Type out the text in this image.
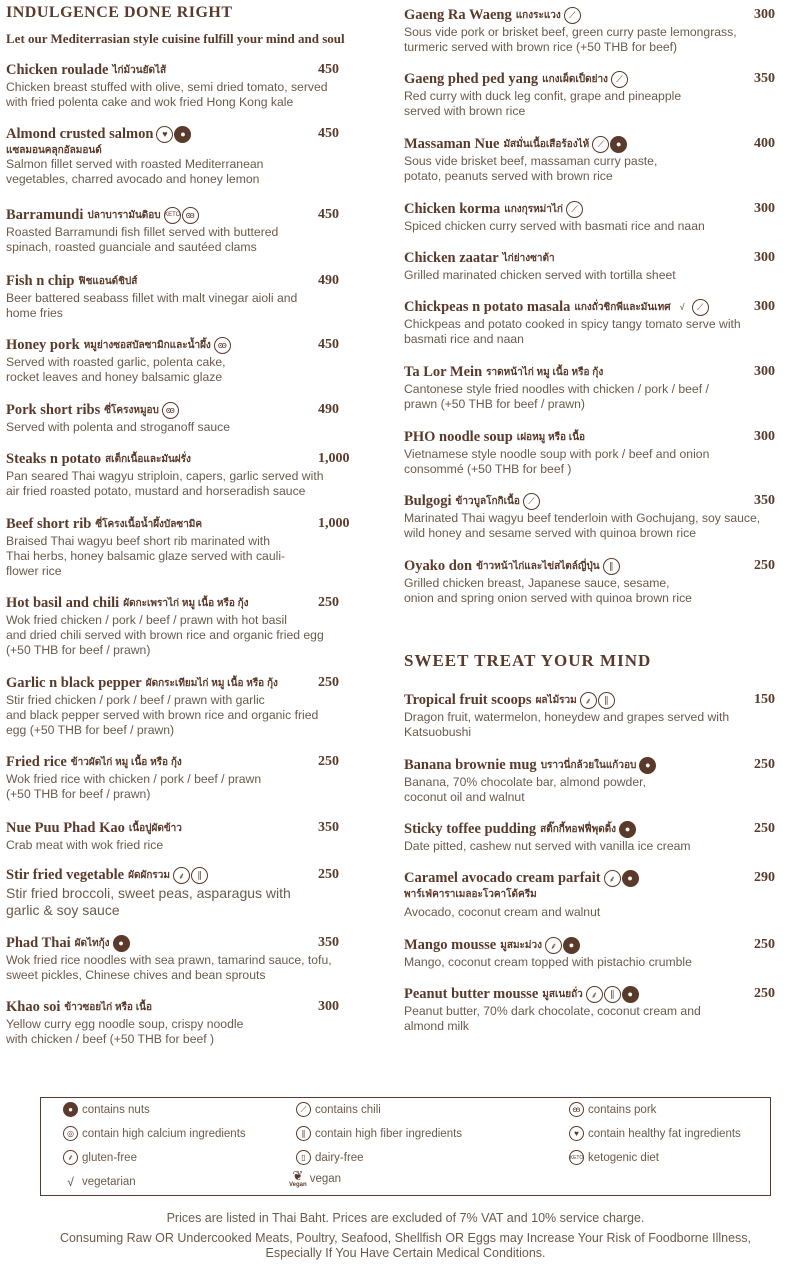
INDULGENCE DONE RIGHT
Let our Mediterrasian style cuisine fulfill your mind and soul
Chicken roulade ไก่ม้วนยัดไส้	450
Chicken breast stuffed with olive, semi dried tomato, served
with fried polenta cake and wok fried Hong Kong kale
Almond crusted salmon ♥	●	450
แซลมอนคลุกอัลมอนด์
Salmon fillet served with roasted Mediterranean
vegetables, charred avocado and honey lemon
Barramundi ปลาบารามันดิอบ KETO ꙭ	450
Roasted Barramundi fish fillet served with buttered
spinach, roasted guanciale and sautéed clams
Fish n chip ฟิชแอนด์ชิปส์	490
Beer battered seabass fillet with malt vinegar aioli and
home fries
Honey pork หมูย่างซอสบัลซามิกและน้ำผึ้ง ꙭ	450
Served with roasted garlic, polenta cake,
rocket leaves and honey balsamic glaze
Pork short ribs ซี่โครงหมูอบ ꙭ	490
Served with polenta and stroganoff sauce
Steaks n potato สเต็กเนื้อและมันฝรั่ง	1,000
Pan seared Thai wagyu striploin, capers, garlic served with
air fried roasted potato, mustard and horseradish sauce
Beef short rib ซี่โครงเนื้อน้ำผึ้งบัลซามิค	1,000
Braised Thai wagyu beef short rib marinated with
Thai herbs, honey balsamic glaze served with cauli-
flower rice
Hot basil and chili ผัดกะเพราไก่ หมู เนื้อ หรือ กุ้ง	250
Wok fried chicken / pork / beef / prawn with hot basil
and dried chili served with brown rice and organic fried egg
(+50 THB for beef / prawn)
Garlic n black pepper ผัดกระเทียมไก่ หมู เนื้อ หรือ กุ้ง	250
Stir fried chicken / pork / beef / prawn with garlic
and black pepper served with brown rice and organic fried
egg (+50 THB for beef / prawn)
Fried rice ข้าวผัดไก่ หมู เนื้อ หรือ กุ้ง	250
Wok fried rice with chicken / pork / beef / prawn
(+50 THB for beef / prawn)
Nue Puu Phad Kao เนื้อปูผัดข้าว	350
Crab meat with wok fried rice
Stir fried vegetable ผัดผักรวม ⸙	∥	250
Stir fried broccoli, sweet peas, asparagus with
garlic & soy sauce
Phad Thai ผัดไทกุ้ง ●	350
Wok fried rice noodles with sea prawn, tamarind sauce, tofu,
sweet pickles, Chinese chives and bean sprouts
Khao soi ข้าวซอยไก่ หรือ เนื้อ	300
Yellow curry egg noodle soup, crispy noodle
with chicken / beef (+50 THB for beef )
Gaeng Ra Waeng แกงระแวง ⟋	300
Sous vide pork or brisket beef, green curry paste lemongrass,
turmeric served with brown rice (+50 THB for beef)
Gaeng phed ped yang แกงเผ็ดเป็ดย่าง ⟋	350
Red curry with duck leg confit, grape and pineapple
served with brown rice
Massaman Nue มัสมั่นเนื้อเสือร้องไห้ ⟋	●	400
Sous vide brisket beef, massaman curry paste,
potato, peanuts served with brown rice
Chicken korma แกงกุรหม่าไก่ ⟋	300
Spiced chicken curry served with basmati rice and naan
Chicken zaatar ไก่ย่างซาต้า	300
Grilled marinated chicken served with tortilla sheet
Chickpeas n potato masala แกงถั่วชิกพีและมันเทศ	√	⟋	300
Chickpeas and potato cooked in spicy tangy tomato serve with
basmati rice and naan
Ta Lor Mein ราดหน้าไก่ หมู เนื้อ หรือ กุ้ง	300
Cantonese style fried noodles with chicken / pork / beef /
prawn (+50 THB for beef / prawn)
PHO noodle soup เฝอหมู หรือ เนื้อ	300
Vietnamese style noodle soup with pork / beef and onion
consommé (+50 THB for beef )
Bulgogi ข้าวบูลโกกิเนื้อ ⟋	350
Marinated Thai wagyu beef tenderloin with Gochujang, soy sauce,
wild honey and sesame served with quinoa brown rice
Oyako don ข้าวหน้าไก่และไข่สไตล์ญี่ปุ่น	∥	250
Grilled chicken breast, Japanese sauce, sesame,
onion and spring onion served with quinoa brown rice
SWEET TREAT YOUR MIND
Tropical fruit scoops ผลไม้รวม ⸙	∥	150
Dragon fruit, watermelon, honeydew and grapes served with
Katsuobushi
Banana brownie mug บราวนี่กล้วยในแก้วอบ ●	250
Banana, 70% chocolate bar, almond powder,
coconut oil and walnut
Sticky toffee pudding สติ๊กกี้ทอฟฟี่พุดดิ้ง ●	250
Date pitted, cashew nut served with vanilla ice cream
Caramel avocado cream parfait ⸙	●	290
พาร์เฟ่คาราเมลอะโวคาโด้ครีม
Avocado, coconut cream and walnut
Mango mousse มูสมะม่วง ⸙	●	250
Mango, coconut cream topped with pistachio crumble
Peanut butter mousse มูสเนยถั่ว ⸙	∥	●	250
Peanut butter, 70% dark chocolate, coconut cream and
almond milk
● contains nuts	⟋ contains chili	ꙭ contains pork
◎ contain high calcium ingredients	∥ contain high fiber ingredients	♥ contain healthy fat ingredients
⸙ gluten-free	▯ dairy-free	KETO ketogenic diet
√ vegetarian	❦
Vegan vegan
Prices are listed in Thai Baht. Prices are excluded of 7% VAT and 10% service charge.
Consuming Raw OR Undercooked Meats, Poultry, Seafood, Shellfish OR Eggs may Increase Your Risk of Foodborne Illness,
Especially If You Have Certain Medical Conditions.
